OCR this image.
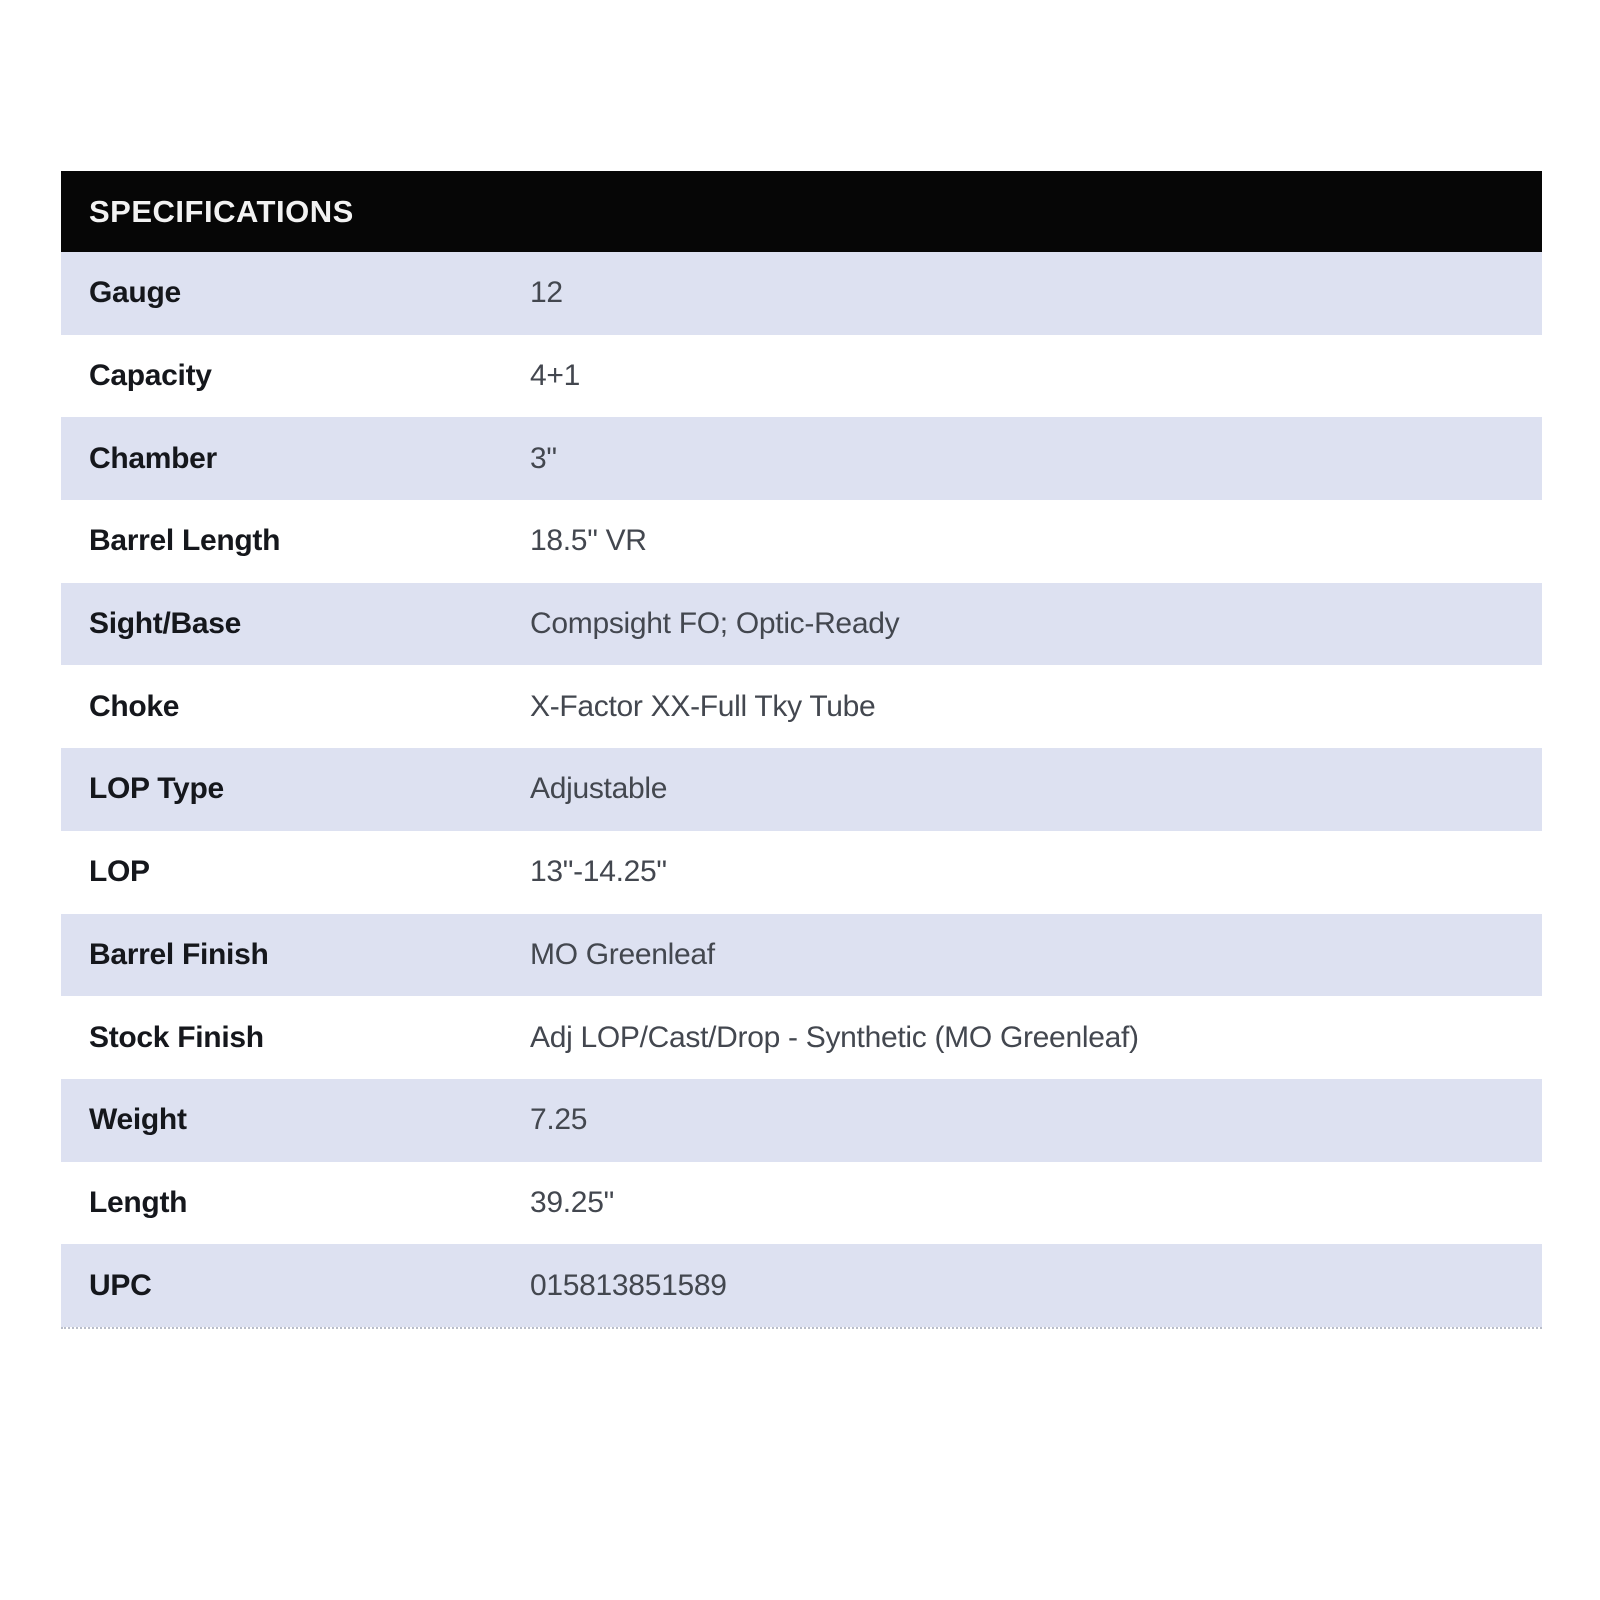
SPECIFICATIONS
Gauge	12
Capacity	4+1
Chamber	3"
Barrel Length	18.5" VR
Sight/Base	Compsight FO; Optic-Ready
Choke	X-Factor XX-Full Tky Tube
LOP Type	Adjustable
LOP	13"-14.25"
Barrel Finish	MO Greenleaf
Stock Finish	Adj LOP/Cast/Drop - Synthetic (MO Greenleaf)
Weight	7.25
Length	39.25"
UPC	015813851589
